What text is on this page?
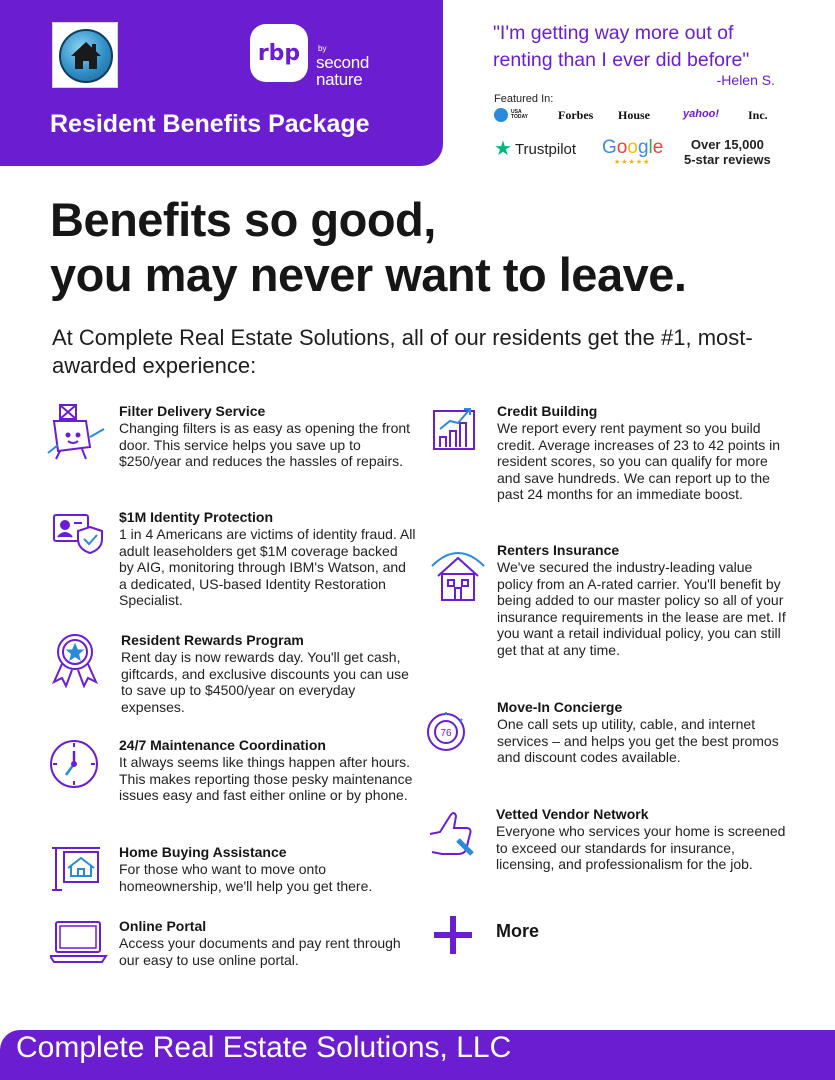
rbp by
second
nature
Resident Benefits Package
"I'm getting way more out of renting than I ever did before"
-Helen S.
Featured In:
USA TODAY	Forbes House	yahoo! Inc.
★ Trustpilot Google
★★★★★
Over 15,000
5-star reviews
Benefits so good,
you may never want to leave.
At Complete Real Estate Solutions, all of our residents get the #1, most-awarded experience:
Filter Delivery Service
Changing filters is as easy as opening the front door. This service helps you save up to $250/year and reduces the hassles of repairs.
$1M Identity Protection
1 in 4 Americans are victims of identity fraud. All adult leaseholders get $1M coverage backed by AIG, monitoring through IBM's Watson, and a dedicated, US-based Identity Restoration Specialist.
Resident Rewards Program
Rent day is now rewards day. You'll get cash, giftcards, and exclusive discounts you can use to save up to $4500/year on everyday expenses.
24/7 Maintenance Coordination
It always seems like things happen after hours. This makes reporting those pesky maintenance issues easy and fast either online or by phone.
Home Buying Assistance
For those who want to move onto homeownership, we'll help you get there.
Online Portal
Access your documents and pay rent through our easy to use online portal.
Credit Building
We report every rent payment so you build credit. Average increases of 23 to 42 points in resident scores, so you can qualify for more and save hundreds. We can report up to the past 24 months for an immediate boost.
Renters Insurance
We've secured the industry-leading value policy from an A-rated carrier. You'll benefit by being added to our master policy so all of your insurance requirements in the lease are met. If you want a retail individual policy, you can still get that at any time.
76
Move-In Concierge
One call sets up utility, cable, and internet services – and helps you get the best promos and discount codes available.
Vetted Vendor Network
Everyone who services your home is screened to exceed our standards for insurance, licensing, and professionalism for the job.
More
Complete Real Estate Solutions, LLC
